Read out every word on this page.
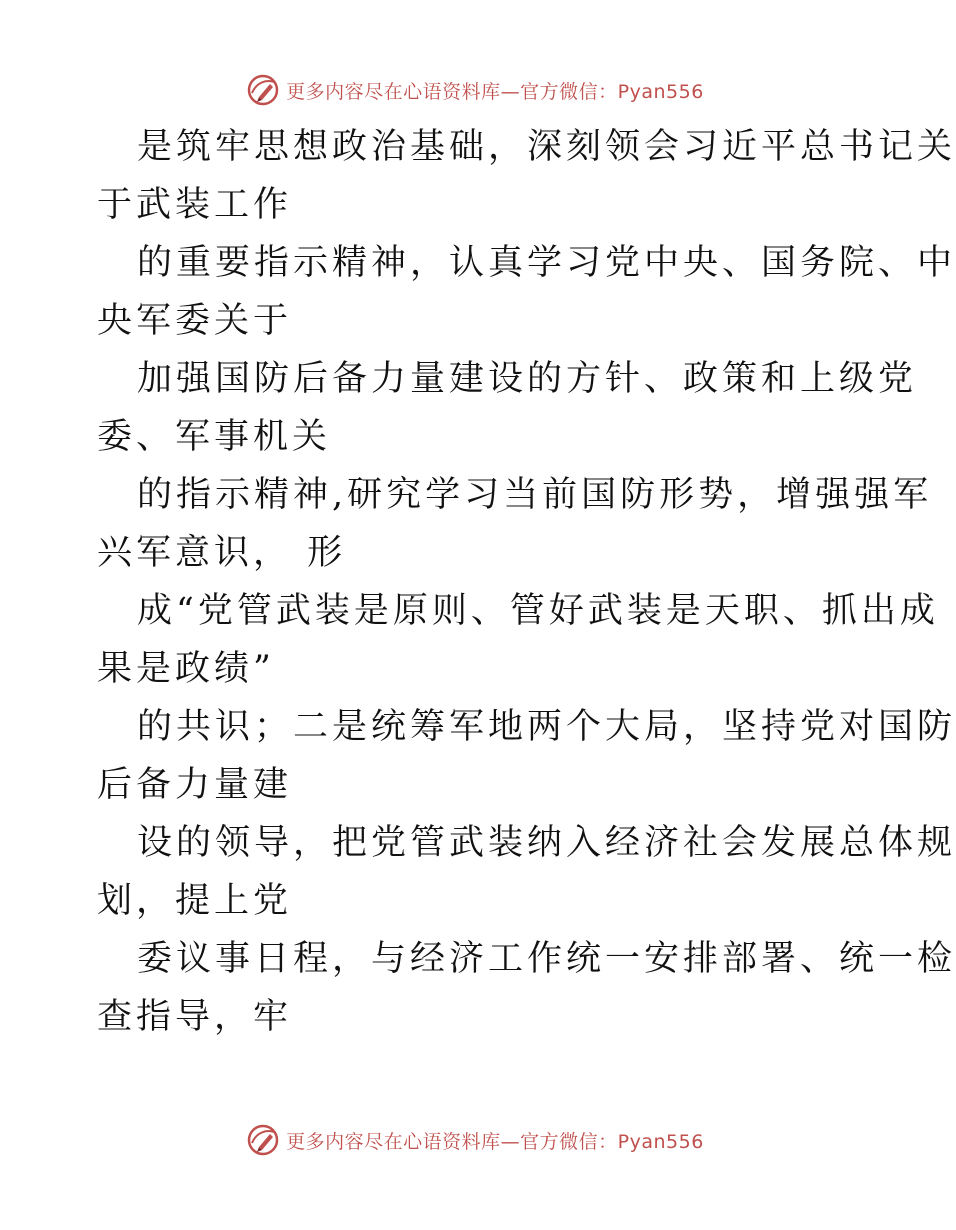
更多内容尽在心语资料库—官方微信：Pyan556
是筑牢思想政治基础，深刻领会习近平总书记关
于武装工作
的重要指示精神，认真学习党中央、国务院、中
央军委关于
加强国防后备力量建设的方针、政策和上级党
委、军事机关
的指示精神,研究学习当前国防形势，增强强军
兴军意识， 形
成“党管武装是原则、管好武装是天职、抓出成
果是政绩”
的共识；二是统筹军地两个大局，坚持党对国防
后备力量建
设的领导，把党管武装纳入经济社会发展总体规
划，提上党
委议事日程，与经济工作统一安排部署、统一检
查指导，牢
更多内容尽在心语资料库—官方微信：Pyan556
